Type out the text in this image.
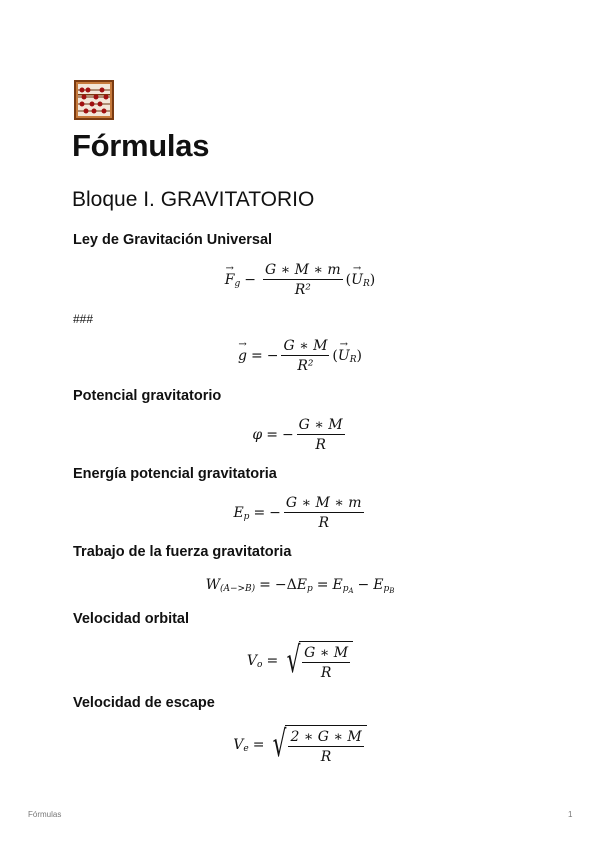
Fórmulas
Bloque I. GRAVITATORIO
Ley de Gravitación Universal
→ F $g - \frac{G ∗ M ∗ m}{\text{R²}}$ ( → U R )
###
→ g = − $\frac{G ∗ M}{\text{R²}}$ ( → U R )
Potencial gravitatorio
φ = − $\frac{G ∗ M}{R}$
Energía potencial gravitatoria
E p = − $\frac{G ∗ M ∗ m}{R}$
Trabajo de la fuerza gravitatoria
W (A−>B) = −Δ E p = E $p_A - E$ $p_B$
Velocidad orbital
V o = √ $\frac{G ∗ M}{R}$
Velocidad de escape
V e = √ $\frac{2 ∗ G ∗ M}{R}$
Fórmulas	1
